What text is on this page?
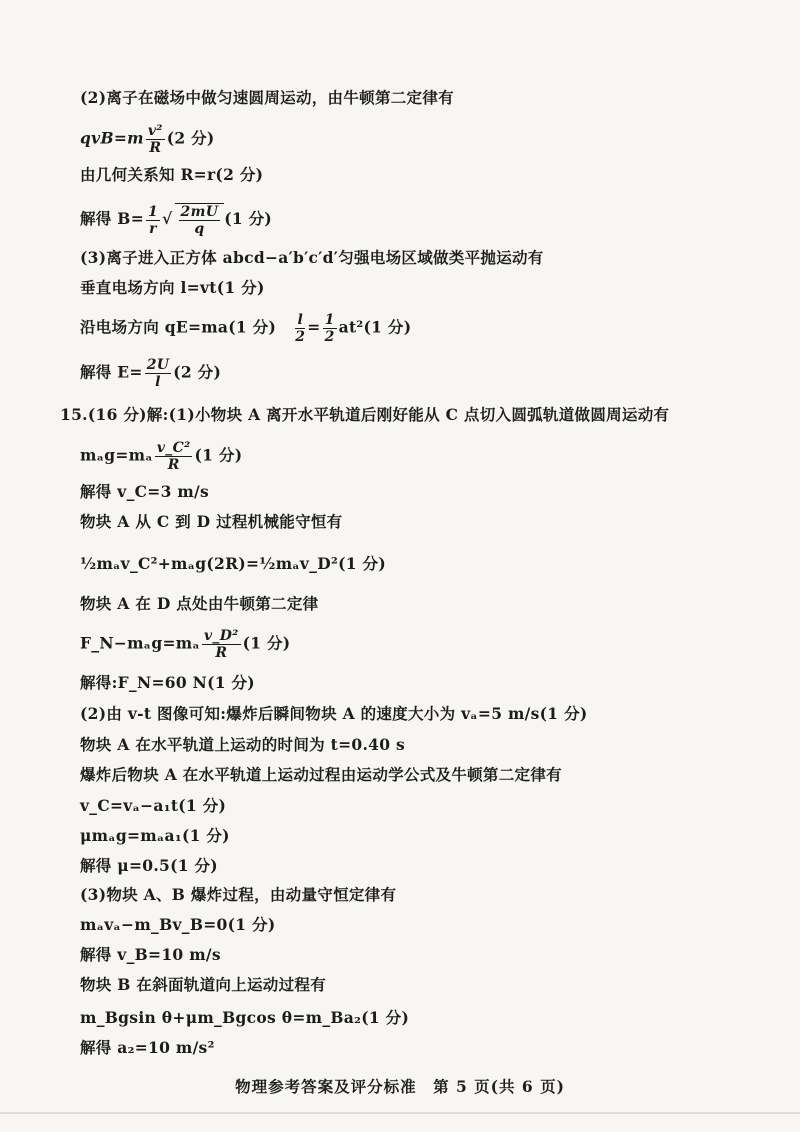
(2)离子在磁场中做匀速圆周运动，由牛顿第二定律有
$qvB=m \frac{\text{v²}}{R} (2$ 分)
由几何关系知 R=r(2 分)
解得 $B= \frac{1}{r}$ √ $\frac{2mU}{q} (1$ 分)
(3)离子进入正方体 abcd−a′b′c′d′匀强电场区域做类平抛运动有
垂直电场方向 l=vt(1 分)
沿电场方向 qE=ma(1 分) $\frac{l}{2} = \frac{1}{2} at^2(1$ 分)
解得 $E= \frac{2U}{l} (2$ 分)
15.(16 分)解:(1)小物块 A 离开水平轨道后刚好能从 C 点切入圆弧轨道做圆周运动有
$m_ag=m_a \frac{\text{v\_C²}}{R} (1$ 分)
解得 v_C=3 m/s
物块 A 从 C 到 D 过程机械能守恒有
½mₐv_C²+mₐg(2R)=½mₐv_D²(1 分)
物块 A 在 D 点处由牛顿第二定律
F_N−mₐg=mₐ $\frac{\text{v\_D²}}{R} (1$ 分)
解得:F_N=60 N(1 分)
(2)由 v-t 图像可知:爆炸后瞬间物块 A 的速度大小为 vₐ=5 m/s(1 分)
物块 A 在水平轨道上运动的时间为 t=0.40 s
爆炸后物块 A 在水平轨道上运动过程由运动学公式及牛顿第二定律有
v_C=vₐ−a₁t(1 分)
μmₐg=mₐa₁(1 分)
解得 μ=0.5(1 分)
(3)物块 A、B 爆炸过程，由动量守恒定律有
mₐvₐ−m_Bv_B=0(1 分)
解得 v_B=10 m/s
物块 B 在斜面轨道向上运动过程有
m_Bgsin θ+μm_Bgcos θ=m_Ba₂(1 分)
解得 a₂=10 m/s²
物理参考答案及评分标准　第 5 页(共 6 页)
